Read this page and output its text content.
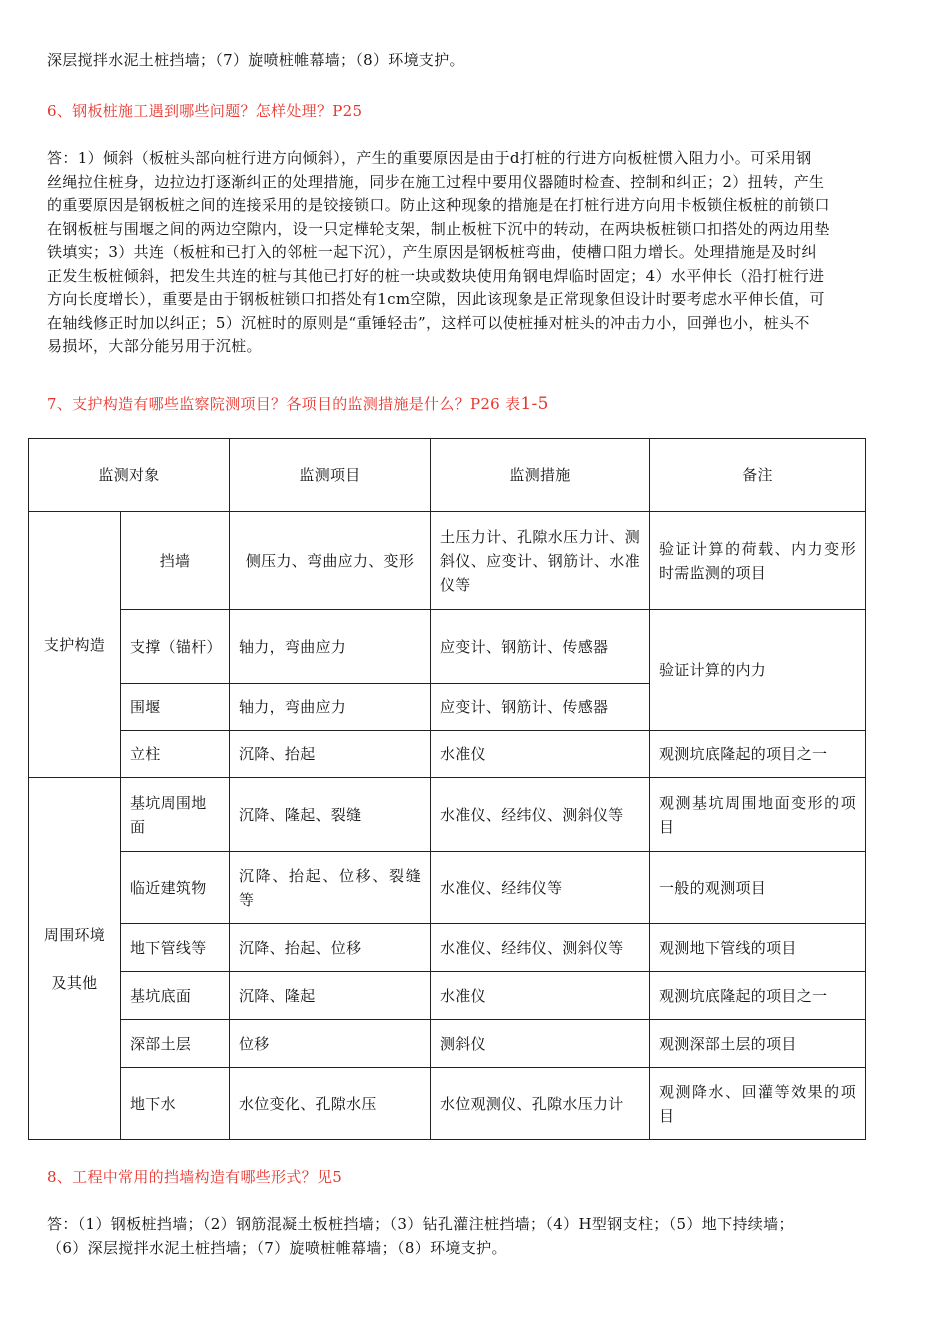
深层搅拌水泥土桩挡墙；（7）旋喷桩帷幕墙；（8）环境支护。
6、钢板桩施工遇到哪些问题？怎样处理？P25
答：1）倾斜（板桩头部向桩行进方向倾斜），产生的重要原因是由于d打桩的行进方向板桩惯入阻力小。可采用钢
丝绳拉住桩身，边拉边打逐渐纠正的处理措施，同步在施工过程中要用仪器随时检查、控制和纠正；2）扭转，产生
的重要原因是钢板桩之间的连接采用的是铰接锁口。防止这种现象的措施是在打桩行进方向用卡板锁住板桩的前锁口
在钢板桩与围堰之间的两边空隙内，设一只定樺轮支架，制止板桩下沉中的转动，在两块板桩锁口扣搭处的两边用垫
铁填实；3）共连（板桩和已打入的邻桩一起下沉），产生原因是钢板桩弯曲，使槽口阻力增长。处理措施是及时纠
正发生板桩倾斜，把发生共连的桩与其他已打好的桩一块或数块使用角钢电焊临时固定；4）水平伸长（沿打桩行进
方向长度增长），重要是由于钢板桩锁口扣搭处有1cm空隙，因此该现象是正常现象但设计时要考虑水平伸长值，可
在轴线修正时加以纠正；5）沉桩时的原则是“重锤轻击”，这样可以使桩捶对桩头的冲击力小，回弹也小，桩头不
易损坏，大部分能另用于沉桩。
7、支护构造有哪些监察院测项目？各项目的监测措施是什么？P26 表1-5
监测对象		监测项目	监测措施	备注
支护构造	挡墙	侧压力、弯曲应力、变形	土压力计、孔隙水压力计、测斜仪、应变计、钢筋计、水准仪等	验证计算的荷载、内力变形时需监测的项目
	支撑（锚杆）	轴力，弯曲应力	应变计、钢筋计、传感器	验证计算的内力
	围堰	轴力，弯曲应力	应变计、钢筋计、传感器	
	立柱	沉降、抬起	水准仪	观测坑底隆起的项目之一

周围环境
及其他	基坑周围地面	沉降、隆起、裂缝	水准仪、经纬仪、测斜仪等	观测基坑周围地面变形的项目
	临近建筑物	沉降、抬起、位移、裂缝等	水准仪、经纬仪等	一般的观测项目
	地下管线等	沉降、抬起、位移	水准仪、经纬仪、测斜仪等	观测地下管线的项目
	基坑底面	沉降、隆起	水准仪	观测坑底隆起的项目之一
	深部土层	位移	测斜仪	观测深部土层的项目
	地下水	水位变化、孔隙水压	水位观测仪、孔隙水压力计	观测降水、回灌等效果的项目
8、工程中常用的挡墙构造有哪些形式？见5
答：（1）钢板桩挡墙；（2）钢筋混凝土板桩挡墙；（3）钻孔灌注桩挡墙；（4）H型钢支柱；（5）地下持续墙；
（6）深层搅拌水泥土桩挡墙；（7）旋喷桩帷幕墙；（8）环境支护。
